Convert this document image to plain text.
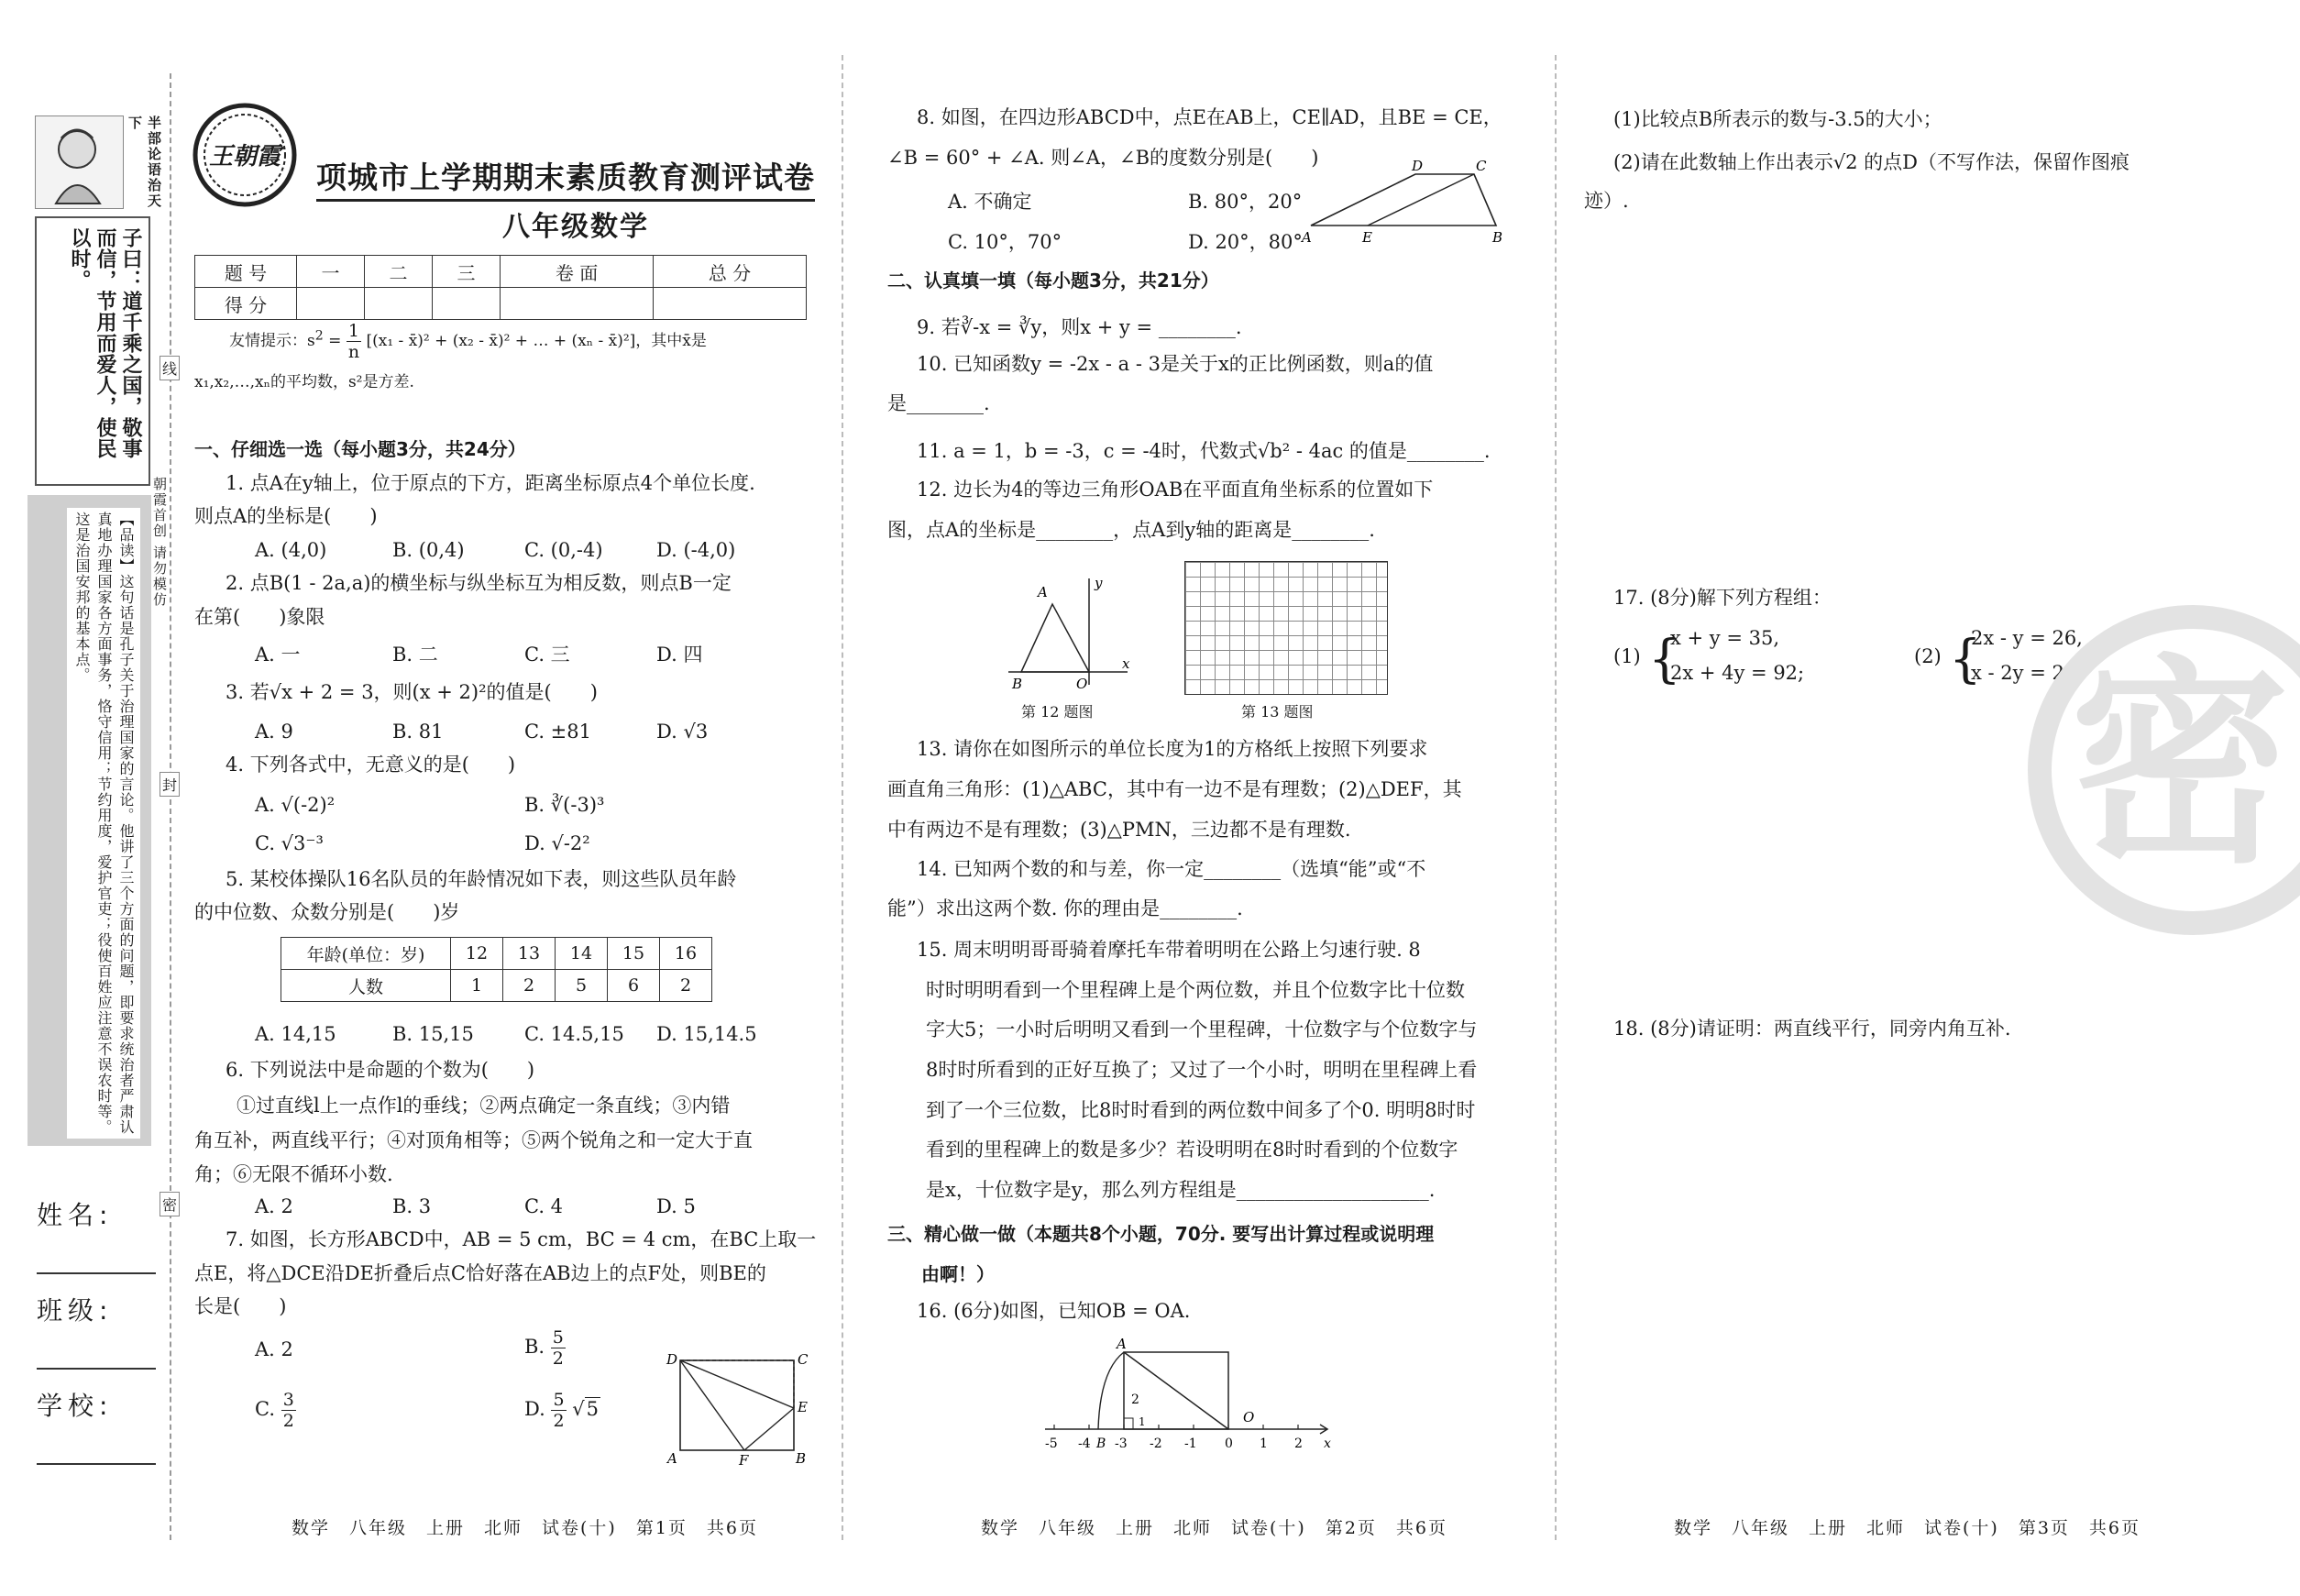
半部论语治天下
子曰：道千乘之国，敬事而信，节用而爱人，使民以时。
【品读】这句话是孔子关于治理国家的言论。他讲了三个方面的问题，即要求统治者严肃认真地办理国家各方面事务，恪守信用；节约用度，爱护官吏；役使百姓应注意不误农时等。这是治国安邦的基本点。
线
封
密
朝霞首创 请勿模仿
姓名:
班级:
学校:
王朝霞
项城市上学期期末素质教育测评试卷
八年级数学
题 号	一	二	三	卷 面	总 分
得 分					
友情提示：$s^2 = \frac{1}{n} [(x_1$ - x̄)² + (x₂ - x̄)² + … + (xₙ - x̄)²]，其中x̄是
x₁,x₂,…,xₙ的平均数，s²是方差.
一、仔细选一选（每小题3分，共24分）
1. 点A在y轴上，位于原点的下方，距离坐标原点4个单位长度.
则点A的坐标是(　　)
A. (4,0)	B. (0,4)	C. (0,-4)	D. (-4,0)
2. 点B(1 - 2a,a)的横坐标与纵坐标互为相反数，则点B一定
在第(　　)象限
A. 一	B. 二	C. 三	D. 四
3. 若√x + 2 = 3，则(x + 2)²的值是(　　)
A. 9	B. 81	C. ±81	D. √3
4. 下列各式中，无意义的是(　　)
A. √(-2)²	B. ∛(-3)³
C. √3⁻³	D. √-2²
5. 某校体操队16名队员的年龄情况如下表，则这些队员年龄
的中位数、众数分别是(　　)岁
年龄(单位：岁)	12	13	14	15	16
人数	1	2	5	6	2
A. 14,15	B. 15,15	C. 14.5,15 D. 15,14.5
6. 下列说法中是命题的个数为(　　)
①过直线l上一点作l的垂线；②两点确定一条直线；③内错
角互补，两直线平行；④对顶角相等；⑤两个锐角之和一定大于直
角；⑥无限不循环小数.
A. 2	B. 3	C. 4	D. 5
7. 如图，长方形ABCD中，AB = 5 cm，BC = 4 cm，在BC上取一
点E，将△DCE沿DE折叠后点C恰好落在AB边上的点F处，则BE的
长是(　　)
A. 2	B. $\frac{5}{2}$
C. $\frac{3}{2}$	D. $\frac{5}{2} √5$
D	C
E
A	F	B
数学　八年级　上册　北师　试卷(十)　第1页　共6页
8. 如图，在四边形ABCD中，点E在AB上，CE∥AD，且BE = CE，
∠B = 60° + ∠A. 则∠A，∠B的度数分别是(　　)
A. 不确定	B. 80°，20°
C. 10°，70°	D. 20°，80°
D	C
A	E	B
二、认真填一填（每小题3分，共21分）
9. 若∛-x = ∛y，则x + y = ________.
10. 已知函数y = -2x - a - 3是关于x的正比例函数，则a的值
是________.
11. a = 1，b = -3，c = -4时，代数式√b² - 4ac 的值是________.
12. 边长为4的等边三角形OAB在平面直角坐标系的位置如下
图，点A的坐标是________，点A到y轴的距离是________.
A
y
B	O
x
第 12 题图	第 13 题图
13. 请你在如图所示的单位长度为1的方格纸上按照下列要求
画直角三角形：(1)△ABC，其中有一边不是有理数；(2)△DEF，其
中有两边不是有理数；(3)△PMN，三边都不是有理数.
14. 已知两个数的和与差，你一定________（选填“能”或“不
能”）求出这两个数. 你的理由是________.
15. 周末明明哥哥骑着摩托车带着明明在公路上匀速行驶. 8
时时明明看到一个里程碑上是个两位数，并且个位数字比十位数
字大5；一小时后明明又看到一个里程碑，十位数字与个位数字与
8时时所看到的正好互换了；又过了一个小时，明明在里程碑上看
到了一个三位数，比8时时看到的两位数中间多了个0. 明明8时时
看到的里程碑上的数是多少？若设明明在8时时看到的个位数字
是x，十位数字是y，那么列方程组是____________________.
三、精心做一做（本题共8个小题，70分. 要写出计算过程或说明理
由啊！）
16. (6分)如图，已知OB = OA.
-5 -4 B -3 -2 -1 0 1 2 x
A
2
1	O
数学　八年级　上册　北师　试卷(十)　第2页　共6页
(1)比较点B所表示的数与-3.5的大小；
(2)请在此数轴上作出表示√2 的点D（不写作法，保留作图痕
迹）.
17. (8分)解下列方程组：
(1) {
x + y = 35,
2x + 4y = 92;
(2) {
2x - y = 26,
x - 2y = 28.
18. (8分)请证明：两直线平行，同旁内角互补.
密
数学　八年级　上册　北师　试卷(十)　第3页　共6页
